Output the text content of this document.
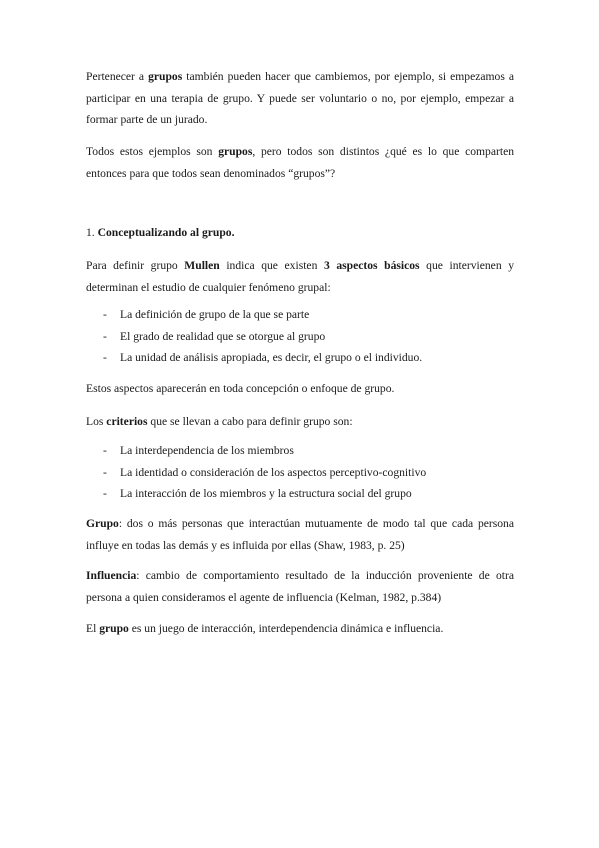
Pertenecer a grupos también pueden hacer que cambiemos, por ejemplo, si empezamos a participar en una terapia de grupo. Y puede ser voluntario o no, por ejemplo, empezar a formar parte de un jurado.

Todos estos ejemplos son grupos, pero todos son distintos ¿qué es lo que comparten entonces para que todos sean denominados “grupos”?

1. Conceptualizando al grupo.

Para definir grupo Mullen indica que existen 3 aspectos básicos que intervienen y determinan el estudio de cualquier fenómeno grupal:

- La definición de grupo de la que se parte
- El grado de realidad que se otorgue al grupo
- La unidad de análisis apropiada, es decir, el grupo o el individuo.

Estos aspectos aparecerán en toda concepción o enfoque de grupo.

Los criterios que se llevan a cabo para definir grupo son:

- La interdependencia de los miembros
- La identidad o consideración de los aspectos perceptivo-cognitivo
- La interacción de los miembros y la estructura social del grupo

Grupo: dos o más personas que interactúan mutuamente de modo tal que cada persona influye en todas las demás y es influida por ellas (Shaw, 1983, p. 25)

Influencia: cambio de comportamiento resultado de la inducción proveniente de otra persona a quien consideramos el agente de influencia (Kelman, 1982, p.384)

El grupo es un juego de interacción, interdependencia dinámica e influencia.
